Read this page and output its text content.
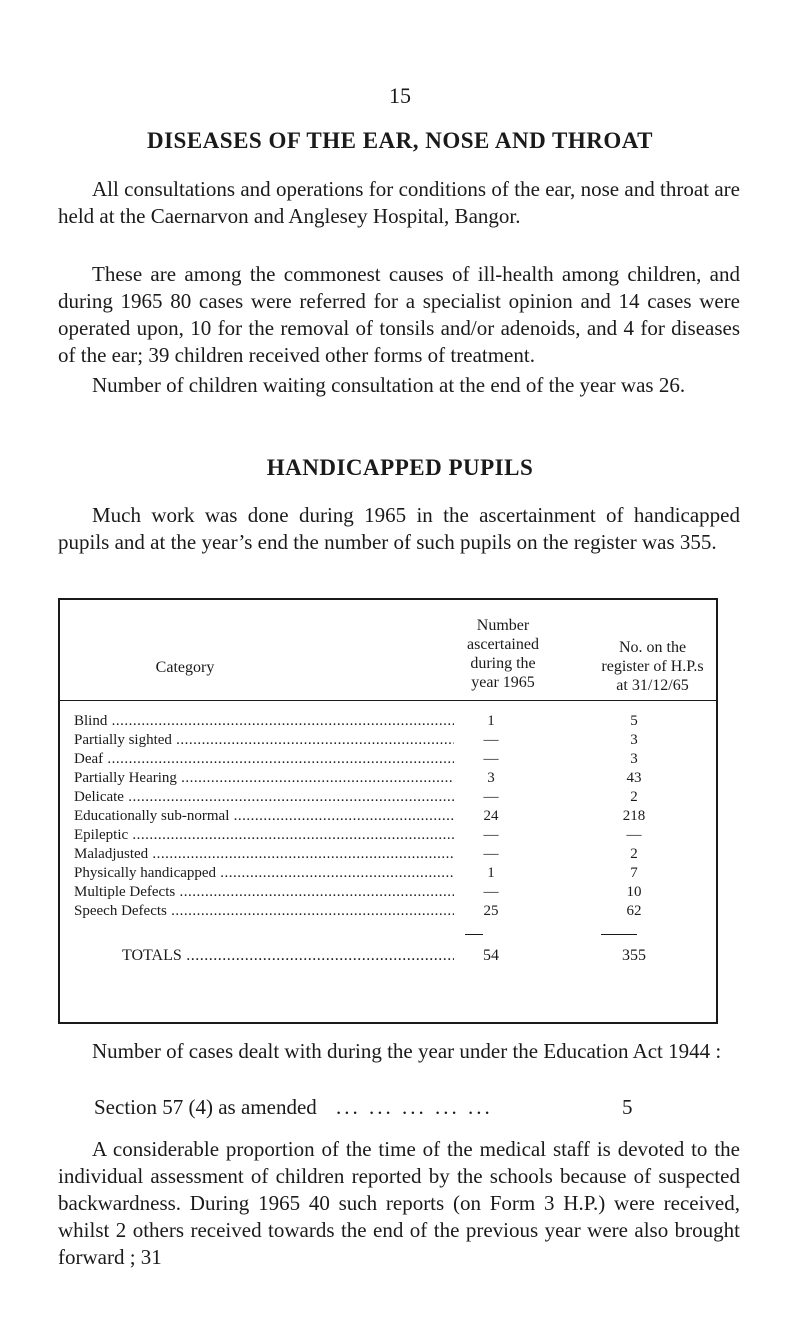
15
DISEASES OF THE EAR, NOSE AND THROAT

All consultations and operations for conditions of the ear, nose and throat are held at the Caernarvon and Anglesey Hospital, Bangor.

These are among the commonest causes of ill-health among children, and during 1965 80 cases were referred for a specialist opinion and 14 cases were operated upon, 10 for the removal of tonsils and/or adenoids, and 4 for diseases of the ear; 39 children received other forms of treatment.

Number of children waiting consultation at the end of the year was 26.

HANDICAPPED PUPILS

Much work was done during 1965 in the ascertainment of handicapped pupils and at the year’s end the number of such pupils on the register was 355.

Category
Number
ascertained
during the
year 1965
No. on the
register of H.P.s
at 31/12/65
Blind .....	1	5
Partially sighted .....	—	3
Deaf .....	—	3
Partially Hearing .....	3	43
Delicate .....	—	2
Educationally sub-normal .....	24	218
Epileptic .....	—	—
Maladjusted .....	—	2
Physically handicapped .....	1	7
Multiple Defects .....	—	10
Speech Defects .....	25	62
TOTALS .....	54	355

Number of cases dealt with during the year under the Education Act 1944 :

Section 57 (4) as amended ... ... ... ... ...	5

A considerable proportion of the time of the medical staff is devoted to the individual assessment of children reported by the schools because of suspected backwardness. During 1965 40 such reports (on Form 3 H.P.) were received, whilst 2 others received towards the end of the previous year were also brought forward ; 31
